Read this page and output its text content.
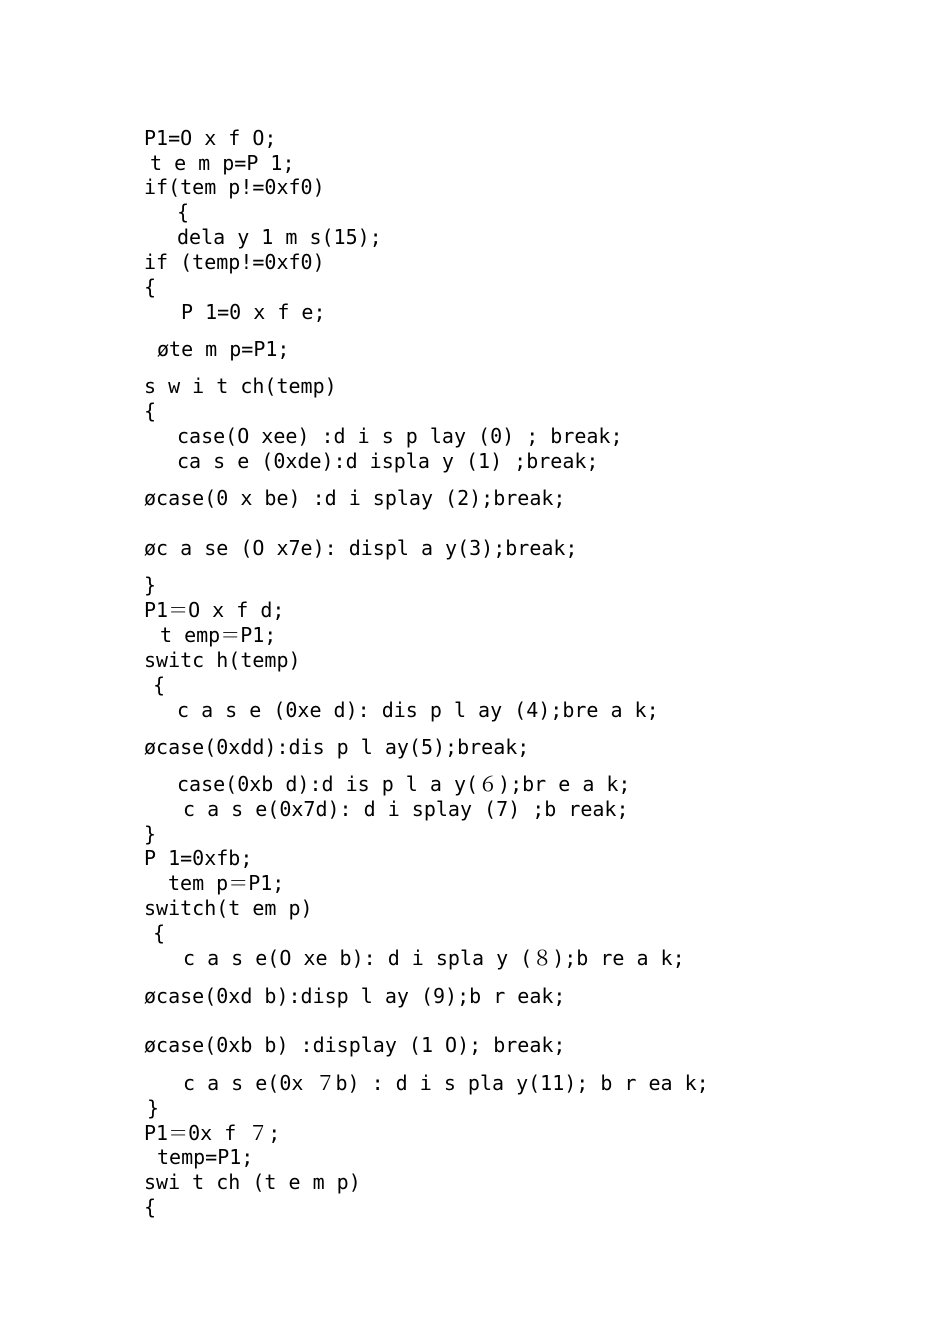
P1=O x f O;

t e m p=P 1;

if(tem p!=0xf0)

{

dela y 1 m s(15);

if (temp!=0xf0)

{

P 1=0 x f e;

øte m p=P1;

s w i t ch(temp)

{

case(O xee) :d i s p lay (0) ; break;

ca s e (0xde):d ispla y (1) ;break;

øcase(0 x be) :d i splay (2);break;

øc a se (O x7e): displ a y(3);break;

}

P1＝O x f d;

t emp＝P1;

switc h(temp)

{

c a s e (0xe d): dis p l ay (4);bre a k;

øcase(0xdd):dis p l ay(5);break;

case(0xb d):d is p l a y(６);br e a k;

c a s e(0x7d): d i splay (7) ;b reak;

}

P 1=0xfb;

tem p＝P1;

switch(t em p)

{

c a s e(O xe b): d i spla y (８);b re a k;

øcase(0xd b):disp l ay (9);b r eak;

øcase(0xb b) :display (1 O); break;

c a s e(0x ７b) : d i s pla y(11); b r ea k;

}

P1＝0x f ７;

temp=P1;

swi t ch (t e m p)

{
